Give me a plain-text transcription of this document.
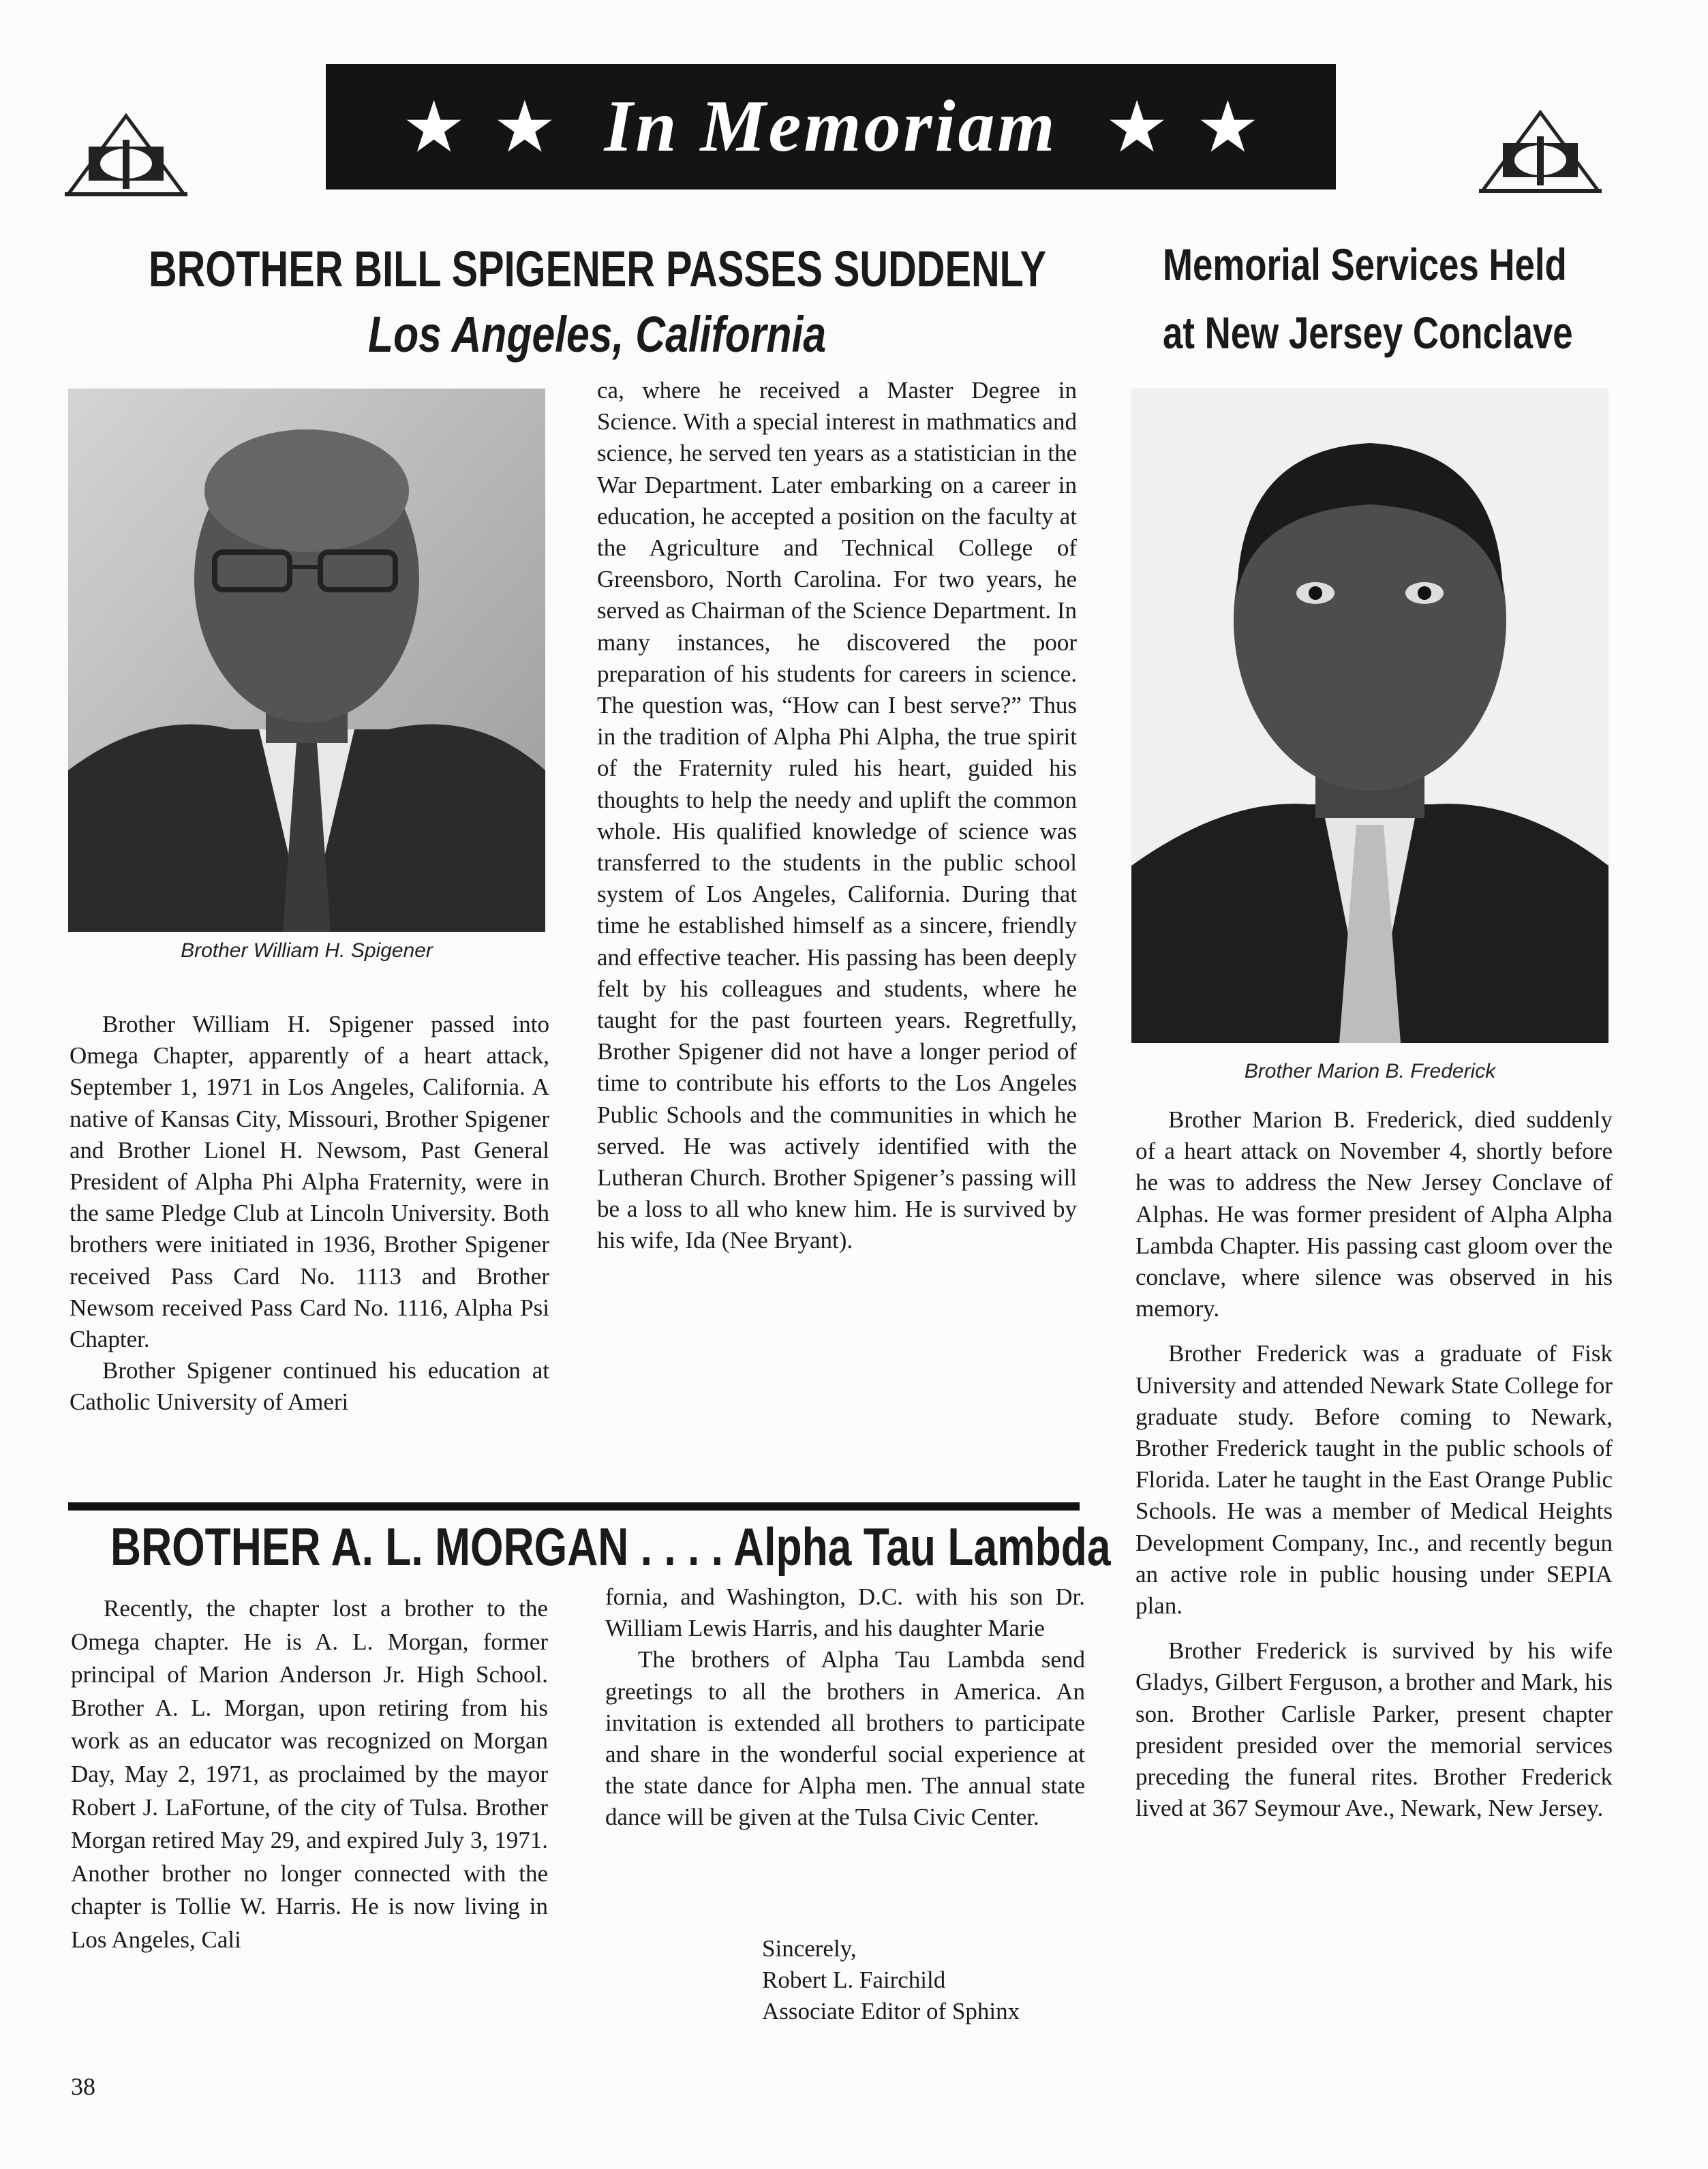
★ ★ In Memoriam ★ ★
BROTHER BILL SPIGENER PASSES SUDDENLY
Los Angeles, California
Memorial Services Held
at New Jersey Conclave
Brother William H. Spigener

Brother William H. Spigener passed into Omega Chapter, apparently of a heart attack, September 1, 1971 in Los Angeles, California. A native of Kansas City, Missouri, Brother Spigener and Brother Lionel H. Newsom, Past General President of Alpha Phi Alpha Fraternity, were in the same Pledge Club at Lincoln University. Both brothers were initiated in 1936, Brother Spigener received Pass Card No. 1113 and Brother Newsom received Pass Card No. 1116, Alpha Psi Chapter.

Brother Spigener continued his education at Catholic University of Ameri

ca, where he received a Master Degree in Science. With a special interest in mathmatics and science, he served ten years as a statistician in the War Department. Later embarking on a career in education, he accepted a position on the faculty at the Agriculture and Technical College of Greensboro, North Carolina. For two years, he served as Chairman of the Science Department. In many instances, he discovered the poor preparation of his students for careers in science. The question was, “How can I best serve?” Thus in the tradition of Alpha Phi Alpha, the true spirit of the Fraternity ruled his heart, guided his thoughts to help the needy and uplift the common whole. His qualified knowledge of science was transferred to the students in the public school system of Los Angeles, California. During that time he established himself as a sincere, friendly and effective teacher. His passing has been deeply felt by his colleagues and students, where he taught for the past fourteen years. Regretfully, Brother Spigener did not have a longer period of time to contribute his efforts to the Los Angeles Public Schools and the communities in which he served. He was actively identified with the Lutheran Church. Brother Spigener’s passing will be a loss to all who knew him. He is survived by his wife, Ida (Nee Bryant).

Brother Marion B. Frederick

Brother Marion B. Frederick, died suddenly of a heart attack on November 4, shortly before he was to address the New Jersey Conclave of Alphas. He was former president of Alpha Alpha Lambda Chapter. His passing cast gloom over the conclave, where silence was observed in his memory.

Brother Frederick was a graduate of Fisk University and attended Newark State College for graduate study. Before coming to Newark, Brother Frederick taught in the public schools of Florida. Later he taught in the East Orange Public Schools. He was a member of Medical Heights Development Company, Inc., and recently begun an active role in public housing under SEPIA plan.

Brother Frederick is survived by his wife Gladys, Gilbert Ferguson, a brother and Mark, his son. Brother Carlisle Parker, present chapter president presided over the memorial services preceding the funeral rites. Brother Frederick lived at 367 Seymour Ave., Newark, New Jersey.

BROTHER A. L. MORGAN . . . . Alpha Tau Lambda

Recently, the chapter lost a brother to the Omega chapter. He is A. L. Morgan, former principal of Marion Anderson Jr. High School. Brother A. L. Morgan, upon retiring from his work as an educator was recognized on Morgan Day, May 2, 1971, as proclaimed by the mayor Robert J. LaFortune, of the city of Tulsa. Brother Morgan retired May 29, and expired July 3, 1971. Another brother no longer connected with the chapter is Tollie W. Harris. He is now living in Los Angeles, Cali

fornia, and Washington, D.C. with his son Dr. William Lewis Harris, and his daughter Marie

The brothers of Alpha Tau Lambda send greetings to all the brothers in America. An invitation is extended all brothers to participate and share in the wonderful social experience at the state dance for Alpha men. The annual state dance will be given at the Tulsa Civic Center.

Sincerely,
Robert L. Fairchild
Associate Editor of Sphinx
38
